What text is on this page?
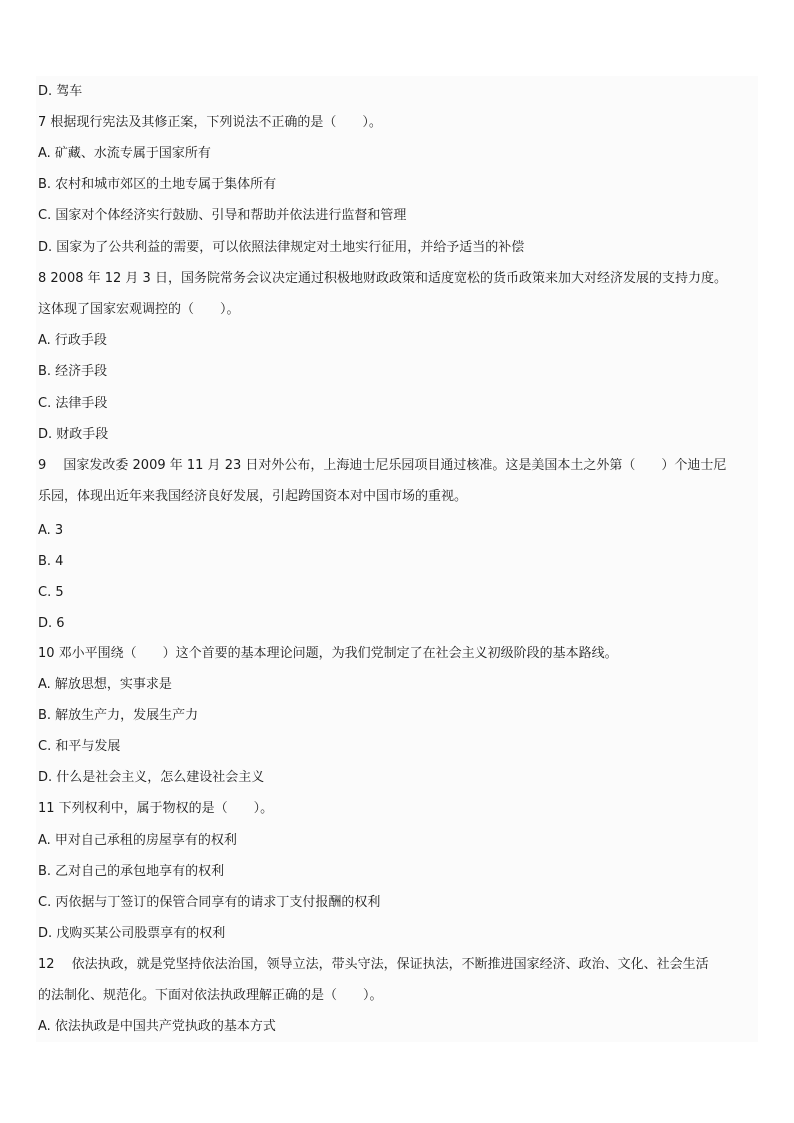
D. 驾车
7 根据现行宪法及其修正案，下列说法不正确的是（　　）。
A. 矿藏、水流专属于国家所有
B. 农村和城市郊区的土地专属于集体所有
C. 国家对个体经济实行鼓励、引导和帮助并依法进行监督和管理
D. 国家为了公共利益的需要，可以依照法律规定对土地实行征用，并给予适当的补偿
8 2008 年 12 月 3 日，国务院常务会议决定通过积极地财政政策和适度宽松的货币政策来加大对经济发展的支持力度。
这体现了国家宏观调控的（　　）。
A. 行政手段
B. 经济手段
C. 法律手段
D. 财政手段
9　 国家发改委 2009 年 11 月 23 日对外公布，上海迪士尼乐园项目通过核准。这是美国本土之外第（　　）个迪士尼
乐园，体现出近年来我国经济良好发展，引起跨国资本对中国市场的重视。
A. 3
B. 4
C. 5
D. 6
10 邓小平围绕（　　）这个首要的基本理论问题，为我们党制定了在社会主义初级阶段的基本路线。
A. 解放思想，实事求是
B. 解放生产力，发展生产力
C. 和平与发展
D. 什么是社会主义，怎么建设社会主义
11 下列权利中，属于物权的是（　　）。
A. 甲对自己承租的房屋享有的权利
B. 乙对自己的承包地享有的权利
C. 丙依据与丁签订的保管合同享有的请求丁支付报酬的权利
D. 戊购买某公司股票享有的权利
12　 依法执政，就是党坚持依法治国，领导立法，带头守法，保证执法，不断推进国家经济、政治、文化、社会生活
的法制化、规范化。下面对依法执政理解正确的是（　　）。
A. 依法执政是中国共产党执政的基本方式
